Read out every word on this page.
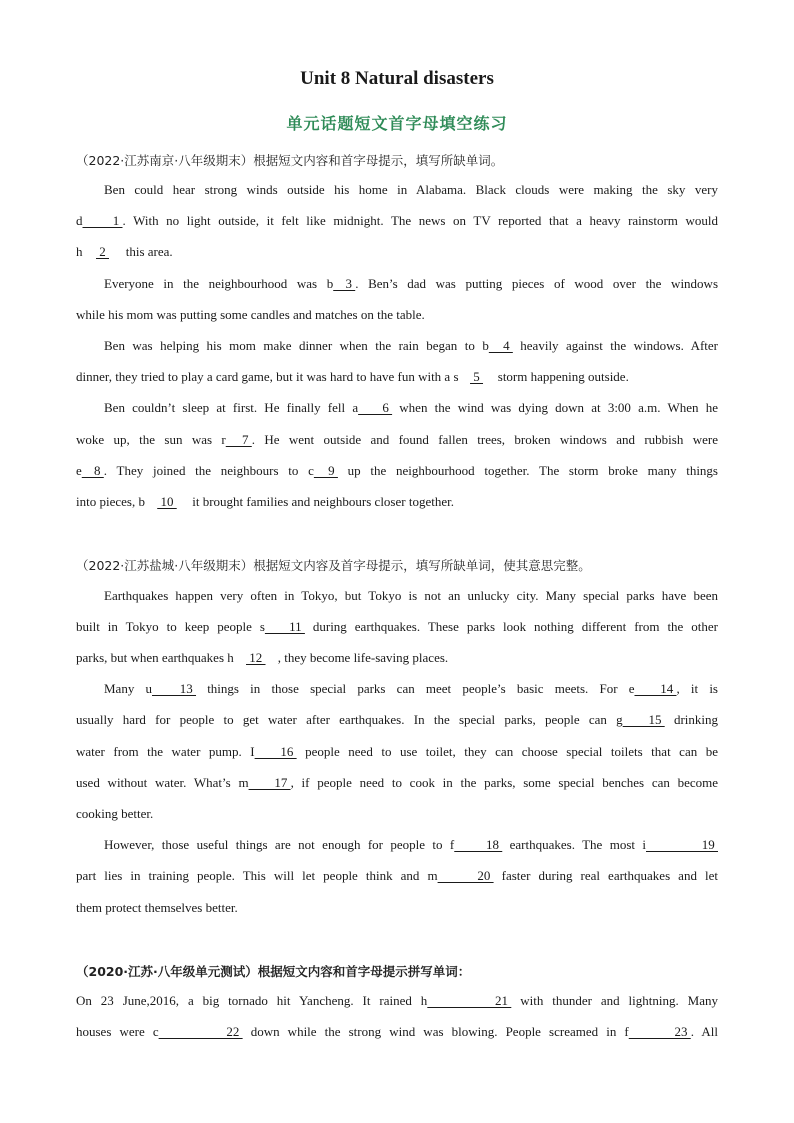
Unit 8 Natural disasters
单元话题短文首字母填空练习
（2022·江苏南京·八年级期末）根据短文内容和首字母提示，填写所缺单词。
（2022·江苏盐城·八年级期末）根据短文内容及首字母提示，填写所缺单词，使其意思完整。
（2020·江苏·八年级单元测试）根据短文内容和首字母提示拼写单词：
Ben could hear strong winds outside his home in Alabama. Black clouds were making the sky very
d 1 . With no light outside, it felt like midnight. The news on TV reported that a heavy rainstorm would
h 2  this area.
Everyone in the neighbourhood was b 3 . Ben’s dad was putting pieces of wood over the windows
while his mom was putting some candles and matches on the table.
Ben was helping his mom make dinner when the rain began to b 4  heavily against the windows. After
dinner, they tried to play a card game, but it was hard to have fun with a s 5  storm happening outside.
Ben couldn’t sleep at first. He finally fell a 6  when the wind was dying down at 3:00 a.m. When he
woke up, the sun was r 7 . He went outside and found fallen trees, broken windows and rubbish were
e 8 . They joined the neighbours to c 9  up the neighbourhood together. The storm broke many things
into pieces, b 10  it brought families and neighbours closer together.
Earthquakes happen very often in Tokyo, but Tokyo is not an unlucky city. Many special parks have been
built in Tokyo to keep people s 11  during earthquakes. These parks look nothing different from the other
parks, but when earthquakes h 12 , they become life-saving places.
Many u 13  things in those special parks can meet people’s basic meets. For e 14 , it is
usually hard for people to get water after earthquakes. In the special parks, people can g 15  drinking
water from the water pump. I 16  people need to use toilet, they can choose special toilets that can be
used without water. What’s m 17 , if people need to cook in the parks, some special benches can become
cooking better.
However, those useful things are not enough for people to f 18  earthquakes. The most i 19
part lies in training people. This will let people think and m 20  faster during real earthquakes and let
them protect themselves better.
On 23 June,2016, a big tornado hit Yancheng. It rained h 21  with thunder and lightning. Many
houses were c 22  down while the strong wind was blowing. People screamed in f 23 . All
